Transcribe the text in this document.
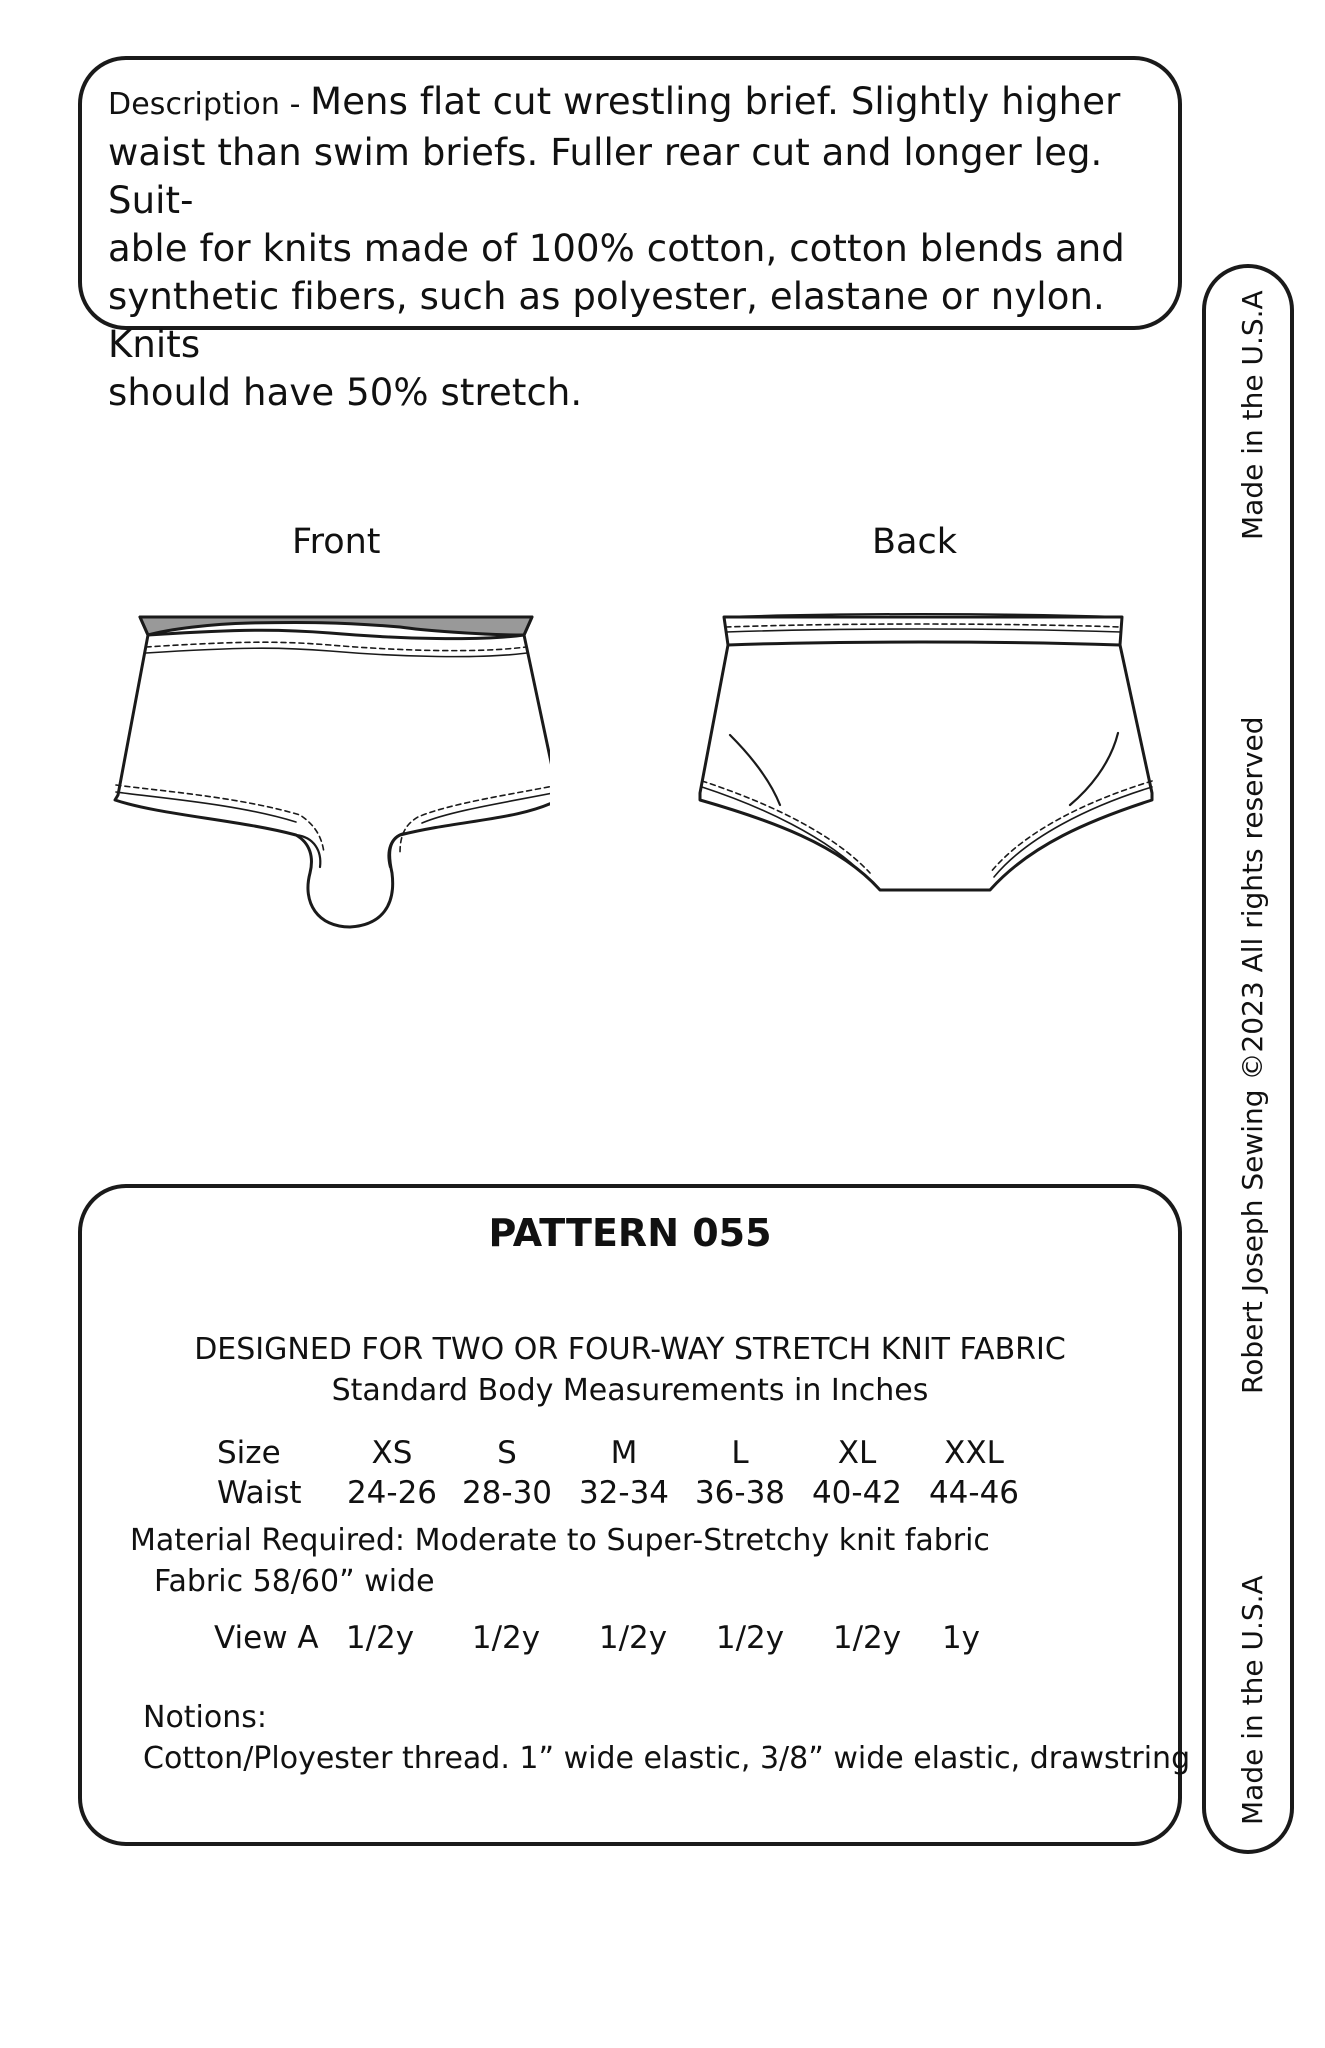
Description - Mens flat cut wrestling brief. Slightly higher
waist than swim briefs. Fuller rear cut and longer leg. Suit-
able for knits made of 100% cotton, cotton blends and
synthetic fibers, such as polyester, elastane or nylon. Knits
should have 50% stretch.	Made in the U.S.A
Robert Joseph Sewing ©2023 All rights reserved
Made in the U.S.A
Front	Back
PATTERN 055
DESIGNED FOR TWO OR FOUR-WAY STRETCH KNIT FABRIC
Standard Body Measurements in Inches
Size	XS	S	M	L	XL	XXL
Waist	24-26 28-30 32-34 36-38 40-42 44-46
Material Required: Moderate to Super-Stretchy knit fabric
Fabric 58/60” wide
View A 1/2y 1/2y 1/2y 1/2y 1/2y	1y
Notions:
Cotton/Ployester thread. 1” wide elastic, 3/8” wide elastic, drawstring
